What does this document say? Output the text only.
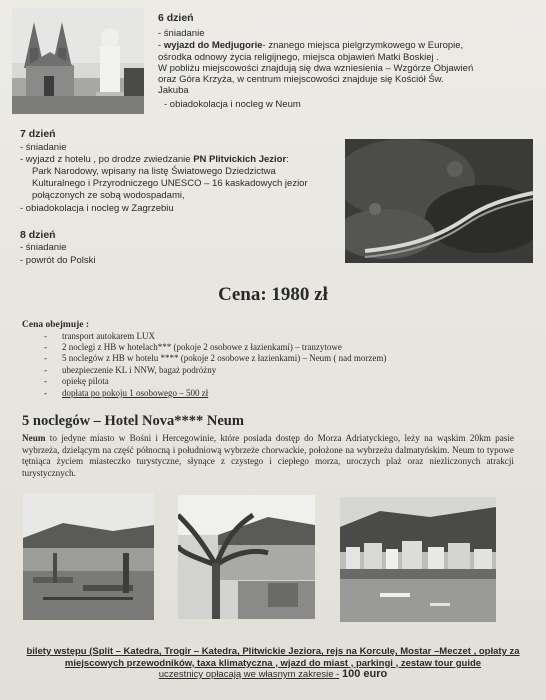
6 dzień
- śniadanie
- wyjazd do Medjugorie- znanego miejsca pielgrzymkowego w Europie,
ośrodka odnowy życia religijnego, miejsca objawień Matki Boskiej .
W pobliżu miejscowości znajdują się dwa wzniesienia – Wzgórze Objawień
oraz Góra Krzyża, w centrum miejscowości znajduje się Kościół Św.
Jakuba
- obiadokolacja i nocleg w Neum
7 dzień
- śniadanie
- wyjazd z hotelu , po drodze zwiedzanie PN Plitvickich Jezior:
Park Narodowy, wpisany na listę Światowego Dziedzictwa
Kulturalnego i Przyrodniczego UNESCO – 16 kaskadowych jezior
połączonych ze sobą wodospadami,
- obiadokolacja i nocleg w Zagrzebiu
8 dzień
- śniadanie
- powrót do Polski
Cena: 1980 zł
Cena obejmuje :
- transport autokarem LUX
- 2 noclegi z HB w hotelach*** (pokoje 2 osobowe z łazienkami) – tranzytowe
- 5 noclegów z HB w hotelu **** (pokoje 2 osobowe z łazienkami) – Neum ( nad morzem)
- ubezpieczenie KL i NNW, bagaż podróżny
- opiekę pilota
- dopłata po pokoju 1 osobowego – 500 zł
5 noclegów – Hotel Nova**** Neum
Neum to jedyne miasto w Bośni i Hercegowinie, które posiada dostęp do Morza Adriatyckiego, leży na wąskim 20km pasie wybrzeża, dzielącym na część północną i południową wybrzeże chorwackie, położone na wybrzeżu dalmatyńskim. Neum to typowe tętniąca życiem miasteczko turystyczne, słynące z czystego i ciepłego morza, uroczych plaż oraz niezliczonych atrakcji turystycznych.
bilety wstępu (Split – Katedra, Trogir – Katedra, Plitwickie Jeziora, rejs na Korculę, Mostar –Meczet , opłaty za
miejscowych przewodników, taxa klimatyczna , wjazd do miast , parkingi , zestaw tour guide
uczestnicy opłacają we własnym zakresie - 100 euro
